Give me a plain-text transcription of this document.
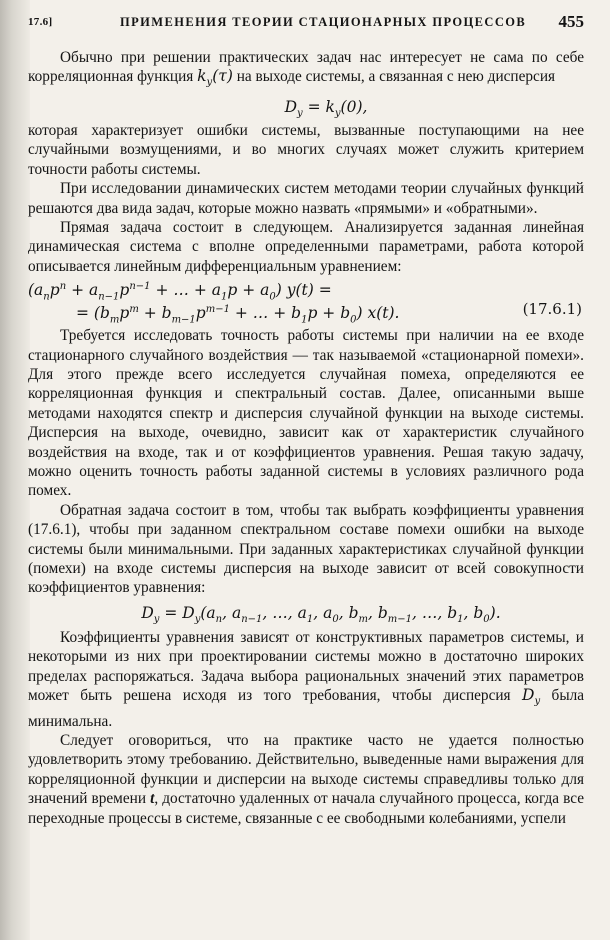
17.6]	ПРИМЕНЕНИЯ ТЕОРИИ СТАЦИОНАРНЫХ ПРОЦЕССОВ 455

Обычно при решении практических задач нас интересует не сама по себе корреляционная функция $k_y(\tau)$ на выходе системы, а связанная с нею дисперсия

$D_y = k_y(0)$,

которая характеризует ошибки системы, вызванные поступающими на нее случайными возмущениями, и во многих случаях может служить критерием точности работы системы.

При исследовании динамических систем методами теории случайных функций решаются два вида задач, которые можно назвать «прямыми» и «обратными».

Прямая задача состоит в следующем. Анализируется заданная линейная динамическая система с вполне определенными параметрами, работа которой описывается линейным дифференциальным уравнением:

($a_np^n + a_{n-1}p^{n-1}$ + … + $a_1p + a_0$) y(t) =
= ($b_mp^m + b_{m-1}p^{m-1}$ + … + $b_1p + b_0$) x(t).	(17.6.1)

Требуется исследовать точность работы системы при наличии на ее входе стационарного случайного воздействия — так называемой «стационарной помехи». Для этого прежде всего исследуется случайная помеха, определяются ее корреляционная функция и спектральный состав. Далее, описанными выше методами находятся спектр и дисперсия случайной функции на выходе системы. Дисперсия на выходе, очевидно, зависит как от характеристик случайного воздействия на входе, так и от коэффициентов уравнения. Решая такую задачу, можно оценить точность работы заданной системы в условиях различного рода помех.

Обратная задача состоит в том, чтобы так выбрать коэффициенты уравнения (17.6.1), чтобы при заданном спектральном составе помехи ошибки на выходе системы были минимальными. При заданных характеристиках случайной функции (помехи) на входе системы дисперсия на выходе зависит от всей совокупности коэффициентов уравнения:

$D_y = D_y(a_n$, $a_{n-1}$, …, $a_1$, $a_0$, $b_m$, $b_{m-1}$, …, $b_1$, $b_0$).

Коэффициенты уравнения зависят от конструктивных параметров системы, и некоторыми из них при проектировании системы можно в достаточно широких пределах распоряжаться. Задача выбора рациональных значений этих параметров может быть решена исходя из того требования, чтобы дисперсия $D_y$ была минимальна.

Следует оговориться, что на практике часто не удается полностью удовлетворить этому требованию. Действительно, выведенные нами выражения для корреляционной функции и дисперсии на выходе системы справедливы только для значений времени t, достаточно удаленных от начала случайного процесса, когда все переходные процессы в системе, связанные с ее свободными колебаниями, успели
